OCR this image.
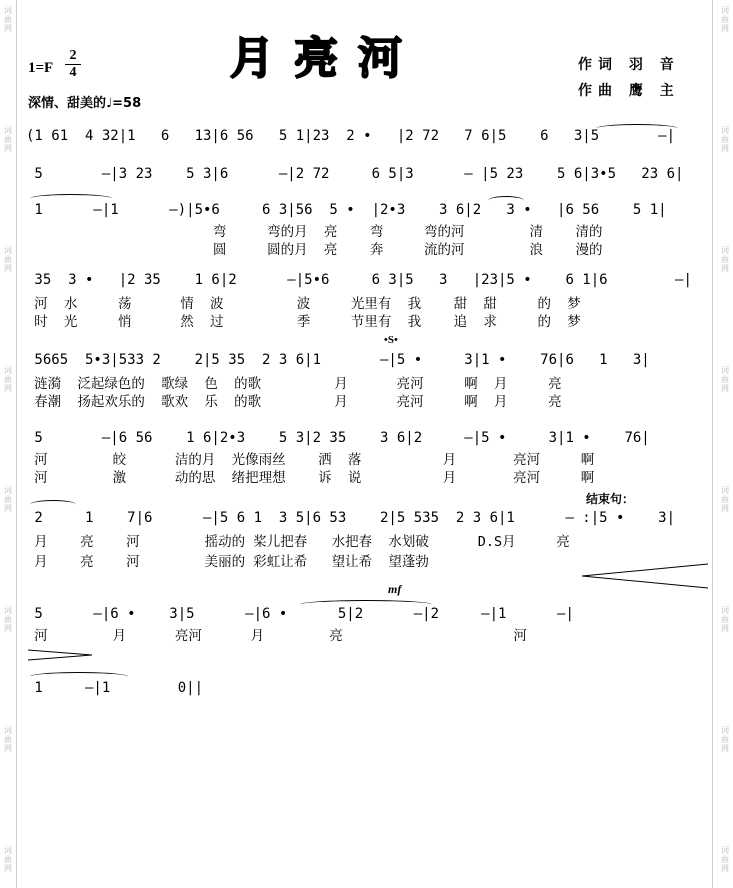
词
曲
网
词
曲
网
词
曲
网
词
曲
网
词
曲
网
词
曲
网
词
曲
网
词
曲
网
词
曲
网
词
曲
网
词
曲
网
词
曲
网
词
曲
网
词
曲
网
词
曲
网
词
曲
网
月亮河
$1=F \frac{2}{4}$	作词 羽 音
作曲 鹰 主
深情、甜美的♩=58
(1 61  4 32|1   6   13|6 56   5 1|23  2 •   |2 72   7 6|5    6   3|5       —|
5       —|3 23    5 3|6      —|2 72     6 5|3      — |5 23    5 6|3•5   23 6|
1      —|1      —)|5•6     6 3|56  5 •  |2•3    3 6|2   3 •   |6 56    5 1|
弯     弯的月  亮    弯     弯的河        清    清的
圆     圆的月  亮    奔     流的河        浪    漫的
35  3 •   |2 35    1 6|2      —|5•6     6 3|5   3   |23|5 •    6 1|6        —|
河  水     荡      情  波         波     光里有  我    甜  甜     的  梦
时  光     悄      然  过         季     节里有  我    追  求     的  梦
•S•
5665  5•3|533 2    2|5 35  2 3 6|1       —|5 •     3|1 •    76|6   1   3|
涟漪  泛起绿色的  歌绿  色  的歌         月      亮河     啊  月     亮
春潮  扬起欢乐的  歌欢  乐  的歌         月      亮河     啊  月     亮
5       —|6 56    1 6|2•3    5 3|2 35    3 6|2     —|5 •     3|1 •    76|
河        皎      洁的月  光像雨丝    洒  落          月       亮河     啊
河        激      动的思  绪把理想    诉  说          月       亮河     啊
结束句：
2     1    7|6      —|5 6 1  3 5|6 53    2|5 535  2 3 6|1      — :|5 •    3|
月    亮    河        摇动的 桨儿把春   水把春  水划破      D.S月     亮
月    亮    河        美丽的 彩虹让希   望让希  望蓬勃
mf
5      —|6 •    3|5      —|6 •      5|2      —|2     —|1      —|
河        月      亮河      月        亮                     河
1     —|1        0||
